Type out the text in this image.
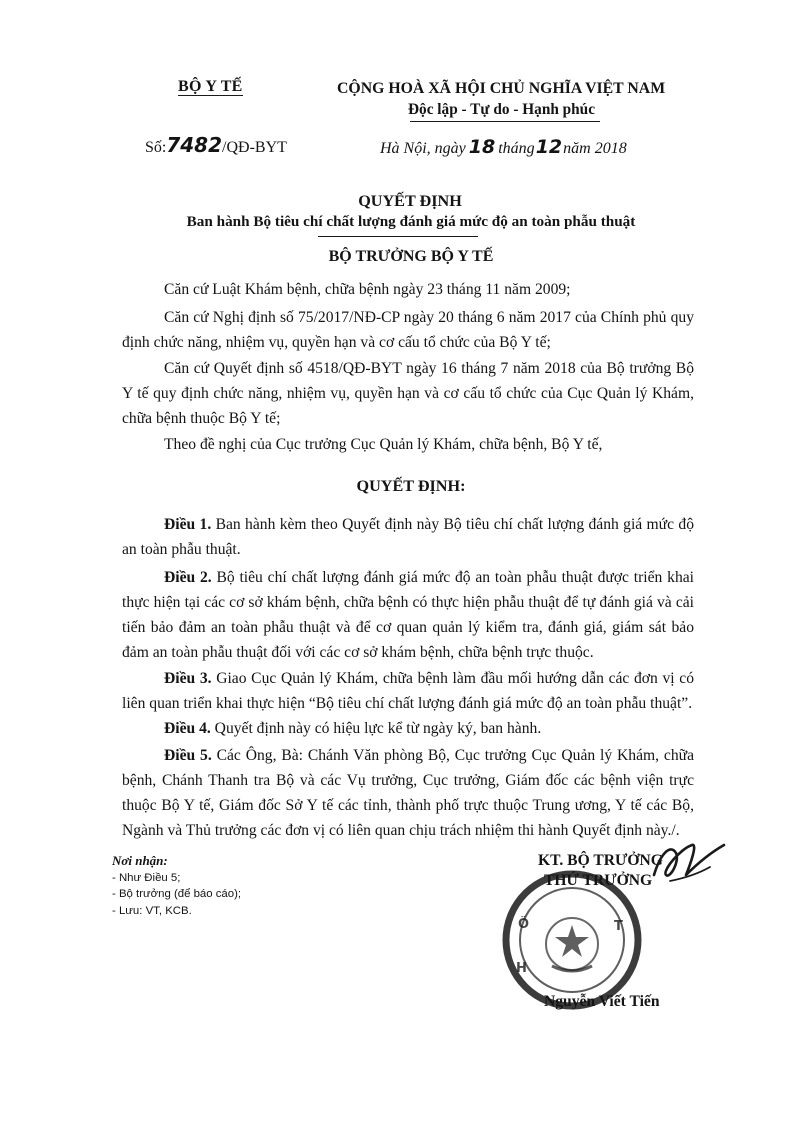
BỘ Y TẾ
Số:7482/QĐ-BYT
CỘNG HOÀ XÃ HỘI CHỦ NGHĨA VIỆT NAM
Độc lập - Tự do - Hạnh phúc
Hà Nội, ngày 18 tháng12năm 2018
QUYẾT ĐỊNH
Ban hành Bộ tiêu chí chất lượng đánh giá mức độ an toàn phẫu thuật
BỘ TRƯỞNG BỘ Y TẾ
Căn cứ Luật Khám bệnh, chữa bệnh ngày 23 tháng 11 năm 2009;
Căn cứ Nghị định số 75/2017/NĐ-CP ngày 20 tháng 6 năm 2017 của Chính phủ quy định chức năng, nhiệm vụ, quyền hạn và cơ cấu tổ chức của Bộ Y tế;
Căn cứ Quyết định số 4518/QĐ-BYT ngày 16 tháng 7 năm 2018 của Bộ trưởng Bộ Y tế quy định chức năng, nhiệm vụ, quyền hạn và cơ cấu tổ chức của Cục Quản lý Khám, chữa bệnh thuộc Bộ Y tế;
Theo đề nghị của Cục trưởng Cục Quản lý Khám, chữa bệnh, Bộ Y tế,
QUYẾT ĐỊNH:
Điều 1. Ban hành kèm theo Quyết định này Bộ tiêu chí chất lượng đánh giá mức độ an toàn phẫu thuật.
Điều 2. Bộ tiêu chí chất lượng đánh giá mức độ an toàn phẫu thuật được triển khai thực hiện tại các cơ sở khám bệnh, chữa bệnh có thực hiện phẫu thuật để tự đánh giá và cải tiến bảo đảm an toàn phẫu thuật và để cơ quan quản lý kiểm tra, đánh giá, giám sát bảo đảm an toàn phẫu thuật đối với các cơ sở khám bệnh, chữa bệnh trực thuộc.
Điều 3. Giao Cục Quản lý Khám, chữa bệnh làm đầu mối hướng dẫn các đơn vị có liên quan triển khai thực hiện “Bộ tiêu chí chất lượng đánh giá mức độ an toàn phẫu thuật”.
Điều 4. Quyết định này có hiệu lực kể từ ngày ký, ban hành.
Điều 5. Các Ông, Bà: Chánh Văn phòng Bộ, Cục trưởng Cục Quản lý Khám, chữa bệnh, Chánh Thanh tra Bộ và các Vụ trưởng, Cục trưởng, Giám đốc các bệnh viện trực thuộc Bộ Y tế, Giám đốc Sở Y tế các tỉnh, thành phố trực thuộc Trung ương, Y tế các Bộ, Ngành và Thủ trưởng các đơn vị có liên quan chịu trách nhiệm thi hành Quyết định này./.
Nơi nhận:
- Như Điều 5;
- Bộ trưởng (để báo cáo);
- Lưu: VT, KCB.
Ô
H
T
KT. BỘ TRƯỞNG
THỨ TRƯỞNG
Nguyễn Viết Tiến
